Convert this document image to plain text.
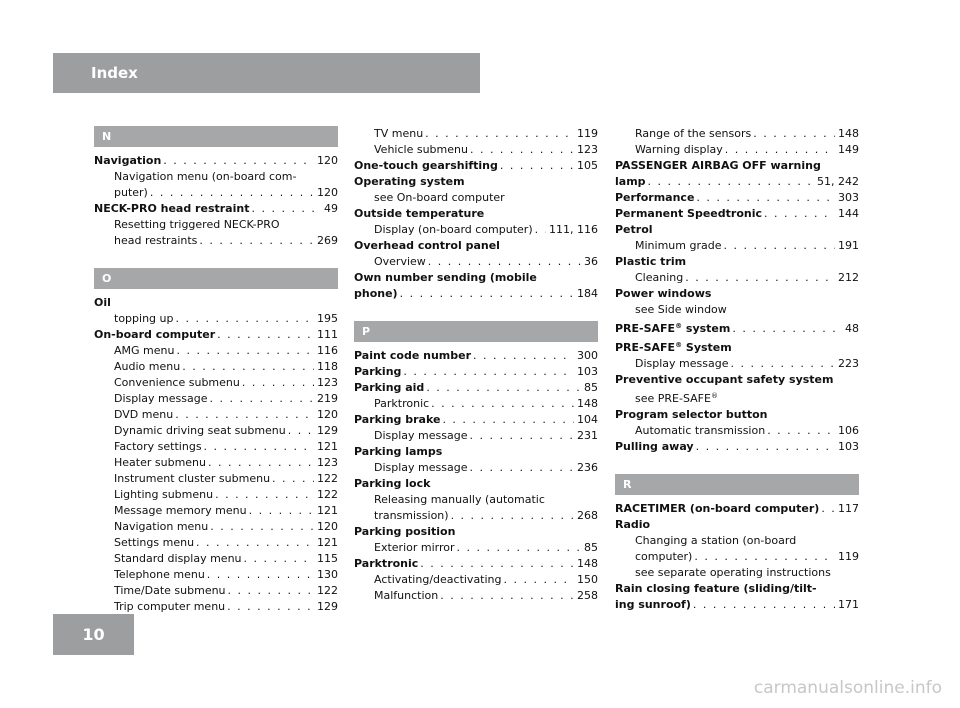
Index
N
Navigation . . .	120
Navigation menu (on-board com-
puter) . . .	120
NECK-PRO head restraint . . .	49
Resetting triggered NECK-PRO
head restraints . . .	269
O
Oil
topping up . . .	195
On-board computer . . .	111
AMG menu . . .	116
Audio menu . . .	118
Convenience submenu . . .	123
Display message . . .	219
DVD menu . . .	120
Dynamic driving seat submenu . . .	129
Factory settings . . .	121
Heater submenu . . .	123
Instrument cluster submenu . . .	122
Lighting submenu . . .	122
Message memory menu . . .	121
Navigation menu . . .	120
Settings menu . . .	121
Standard display menu . . .	115
Telephone menu . . .	130
Time/Date submenu . . .	122
Trip computer menu . . .	129
TV menu . . .	119
Vehicle submenu . . .	123
One-touch gearshifting . . .	105
Operating system
see On-board computer
Outside temperature
Display (on-board computer) . . . 111, 116
Overhead control panel
Overview . . .	36
Own number sending (mobile
phone) . . .	184
P
Paint code number . . .	300
Parking . . .	103
Parking aid . . .	85
Parktronic . . .	148
Parking brake . . .	104
Display message . . .	231
Parking lamps
Display message . . .	236
Parking lock
Releasing manually (automatic
transmission) . . .	268
Parking position
Exterior mirror . . .	85
Parktronic . . .	148
Activating/deactivating . . .	150
Malfunction . . .	258
Range of the sensors . . .	148
Warning display . . .	149
PASSENGER AIRBAG OFF warning
lamp . . .	51, 242
Performance . . .	303
Permanent Speedtronic . . .	144
Petrol
Minimum grade . . .	191
Plastic trim
Cleaning . . .	212
Power windows
see Side window
PRE-SAFE® system . . .	48
PRE-SAFE® System
Display message . . .	223
Preventive occupant safety system
see PRE-SAFE®
Program selector button
Automatic transmission . . .	106
Pulling away . . .	103
R
RACETIMER (on-board computer) . . . 117
Radio
Changing a station (on-board
computer) . . .	119
see separate operating instructions
Rain closing feature (sliding/tilt-
ing sunroof) . . .	171
10
carmanualsonline.info
